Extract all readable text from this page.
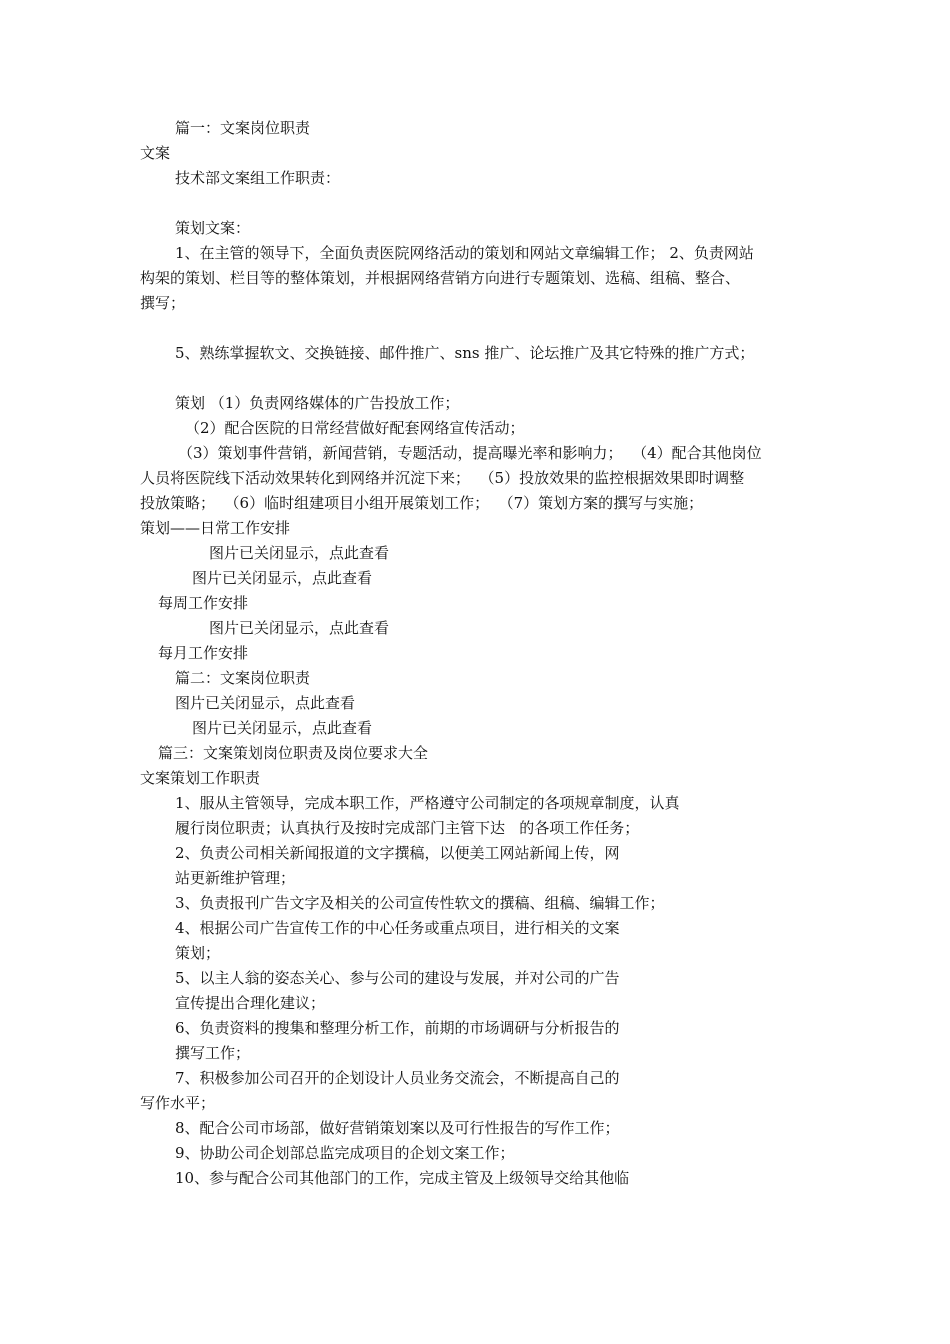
篇一：文案岗位职责
文案
技术部文案组工作职责：
策划文案：
1、在主管的领导下，全面负责医院网络活动的策划和网站文章编辑工作； 2、负责网站
构架的策划、栏目等的整体策划，并根据网络营销方向进行专题策划、选稿、组稿、整合、
撰写；
5、熟练掌握软文、交换链接、邮件推广、sns 推广、论坛推广及其它特殊的推广方式；
策划 （1）负责网络媒体的广告投放工作；
（2）配合医院的日常经营做好配套网络宣传活动；
（3）策划事件营销，新闻营销，专题活动，提高曝光率和影响力；  （4）配合其他岗位
人员将医院线下活动效果转化到网络并沉淀下来；  （5）投放效果的监控根据效果即时调整
投放策略；  （6）临时组建项目小组开展策划工作；  （7）策划方案的撰写与实施；
策划——日常工作安排
图片已关闭显示，点此查看
图片已关闭显示，点此查看
每周工作安排
图片已关闭显示，点此查看
每月工作安排
篇二：文案岗位职责
图片已关闭显示，点此查看
图片已关闭显示，点此查看
篇三：文案策划岗位职责及岗位要求大全
文案策划工作职责
1、服从主管领导，完成本职工作，严格遵守公司制定的各项规章制度，认真
履行岗位职责；认真执行及按时完成部门主管下达   的各项工作任务；
2、负责公司相关新闻报道的文字撰稿，以便美工网站新闻上传，网
站更新维护管理；
3、负责报刊广告文字及相关的公司宣传性软文的撰稿、组稿、编辑工作；
4、根据公司广告宣传工作的中心任务或重点项目，进行相关的文案
策划；
5、以主人翁的姿态关心、参与公司的建设与发展，并对公司的广告
宣传提出合理化建议；
6、负责资料的搜集和整理分析工作，前期的市场调研与分析报告的
撰写工作；
7、积极参加公司召开的企划设计人员业务交流会，不断提高自己的
写作水平；
8、配合公司市场部，做好营销策划案以及可行性报告的写作工作；
9、协助公司企划部总监完成项目的企划文案工作；
10、参与配合公司其他部门的工作，完成主管及上级领导交给其他临
